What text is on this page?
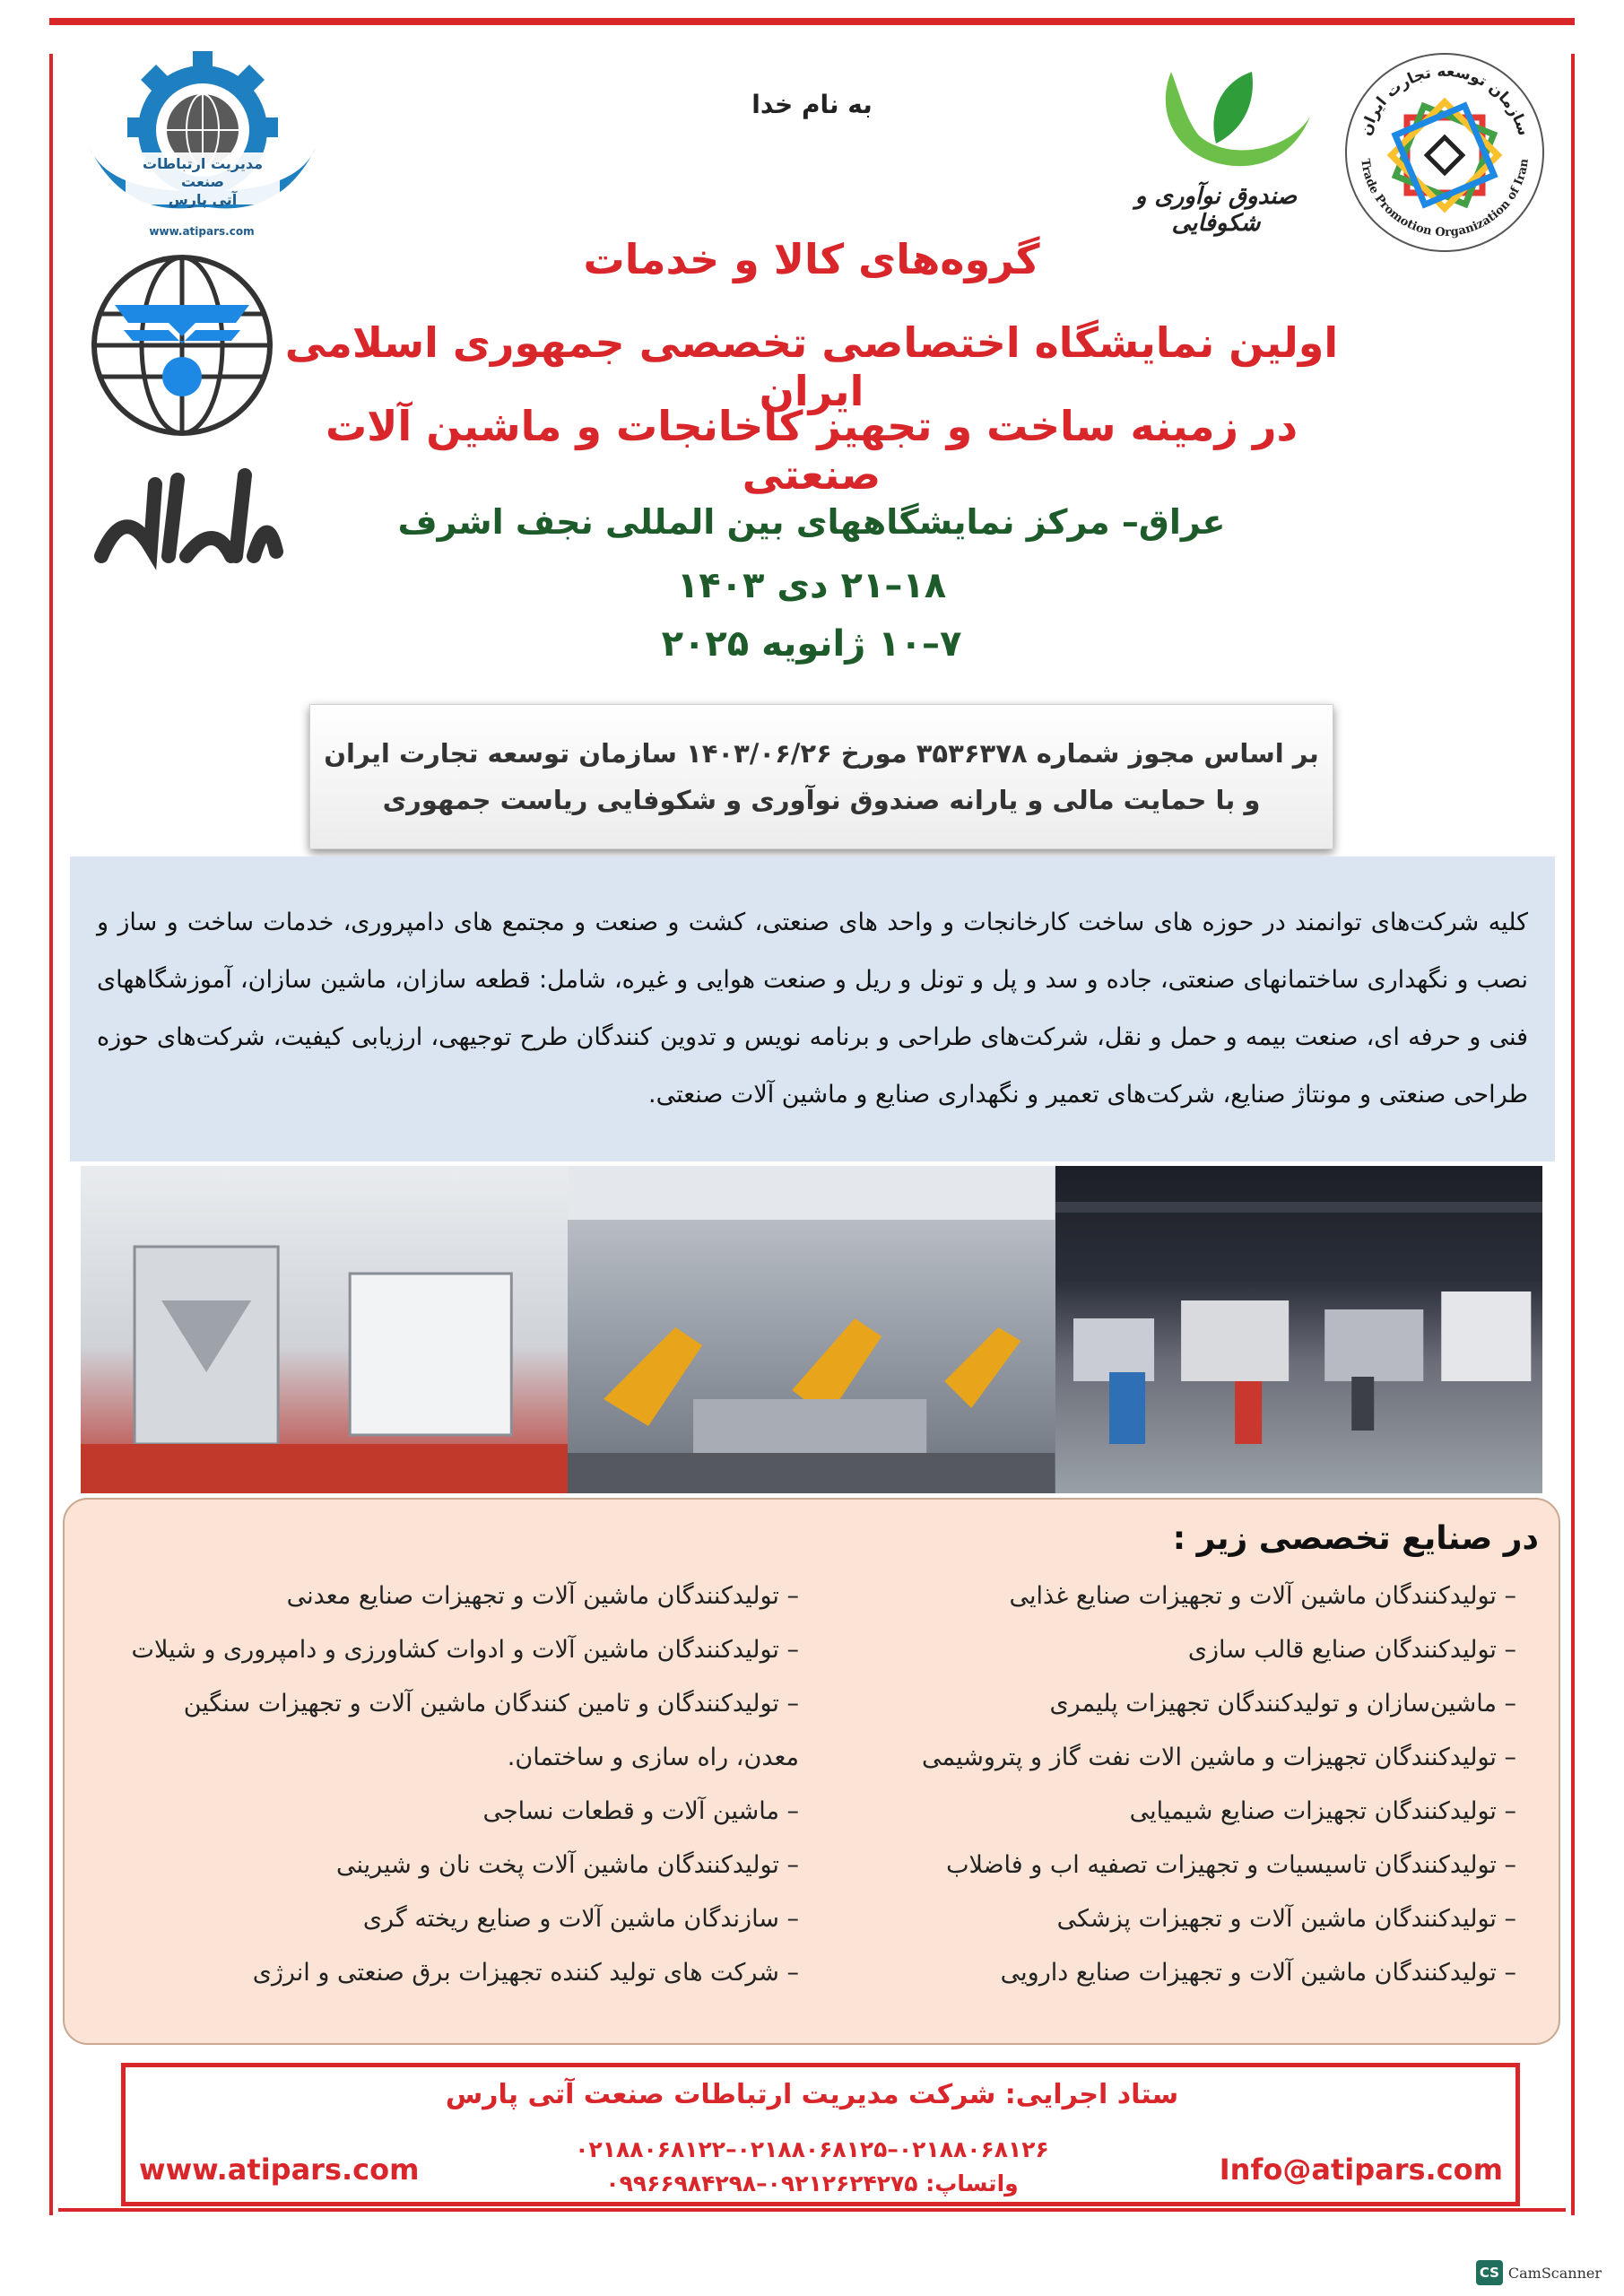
به نام خدا
سازمان توسعه تجارت ایران
Trade Promotion Organization of Iran
صندوق نوآوری و شکوفایی
مدیریت ارتباطات صنعت
آتی پارس
www.atipars.com
گروه‌های کالا و خدمات
اولین نمایشگاه اختصاصی تخصصی جمهوری اسلامی ایران
در زمینه ساخت و تجهیز کاخانجات و ماشین آلات صنعتی
عراق– مرکز نمایشگاههای بین المللی نجف اشرف
۱۸–۲۱ دی ۱۴۰۳
۷–۱۰ ژانویه ۲۰۲۵
بر اساس مجوز شماره ۳۵۳۶۳۷۸ مورخ ۱۴۰۳/۰۶/۲۶ سازمان توسعه تجارت ایران
و با حمایت مالی و یارانه صندوق نوآوری و شکوفایی ریاست جمهوری
کلیه شرکت‌های توانمند در حوزه های ساخت کارخانجات و واحد های صنعتی، کشت و صنعت و مجتمع های دامپروری، خدمات ساخت و ساز و نصب و نگهداری ساختمانهای صنعتی، جاده و سد و پل و تونل و ریل و صنعت هوایی و غیره، شامل: قطعه سازان، ماشین سازان، آموزشگاههای فنی و حرفه ای، صنعت بیمه و حمل و نقل، شرکت‌های طراحی و برنامه نویس و تدوین کنندگان طرح توجیهی، ارزیابی کیفیت، شرکت‌های حوزه طراحی صنعتی و مونتاژ صنایع، شرکت‌های تعمیر و نگهداری صنایع و ماشین آلات صنعتی.
در صنایع تخصصی زیر :
– تولیدکنندگان ماشین آلات و تجهیزات صنایع غذایی
– تولیدکنندگان صنایع قالب سازی
– ماشین‌سازان و تولیدکنندگان تجهیزات پلیمری
– تولیدکنندگان تجهیزات و ماشین الات نفت گاز و پتروشیمی
– تولیدکنندگان تجهیزات صنایع شیمیایی
– تولیدکنندگان تاسیسیات و تجهیزات تصفیه اب و فاضلاب
– تولیدکنندگان ماشین آلات و تجهیزات پزشکی
– تولیدکنندگان ماشین آلات و تجهیزات صنایع دارویی
– تولیدکنندگان ماشین آلات و تجهیزات صنایع معدنی
– تولیدکنندگان ماشین آلات و ادوات کشاورزی و دامپروری و شیلات
– تولیدکنندگان و تامین کنندگان ماشین آلات و تجهیزات سنگین
معدن، راه سازی و ساختمان.
– ماشین آلات و قطعات نساجی
– تولیدکنندگان ماشین آلات پخت نان و شیرینی
– سازندگان ماشین آلات و صنایع ریخته گری
– شرکت های تولید کننده تجهیزات برق صنعتی و انرژی
ستاد اجرایی: شرکت مدیریت ارتباطات صنعت آتی پارس
۰۲۱۸۸۰۶۸۱۲۶–۰۲۱۸۸۰۶۸۱۲۵–۰۲۱۸۸۰۶۸۱۲۲
واتساپ: ۰۹۲۱۲۶۲۴۲۷۵–۰۹۹۶۶۹۸۴۲۹۸
www.atipars.com	Info@atipars.com
CS CamScanner
